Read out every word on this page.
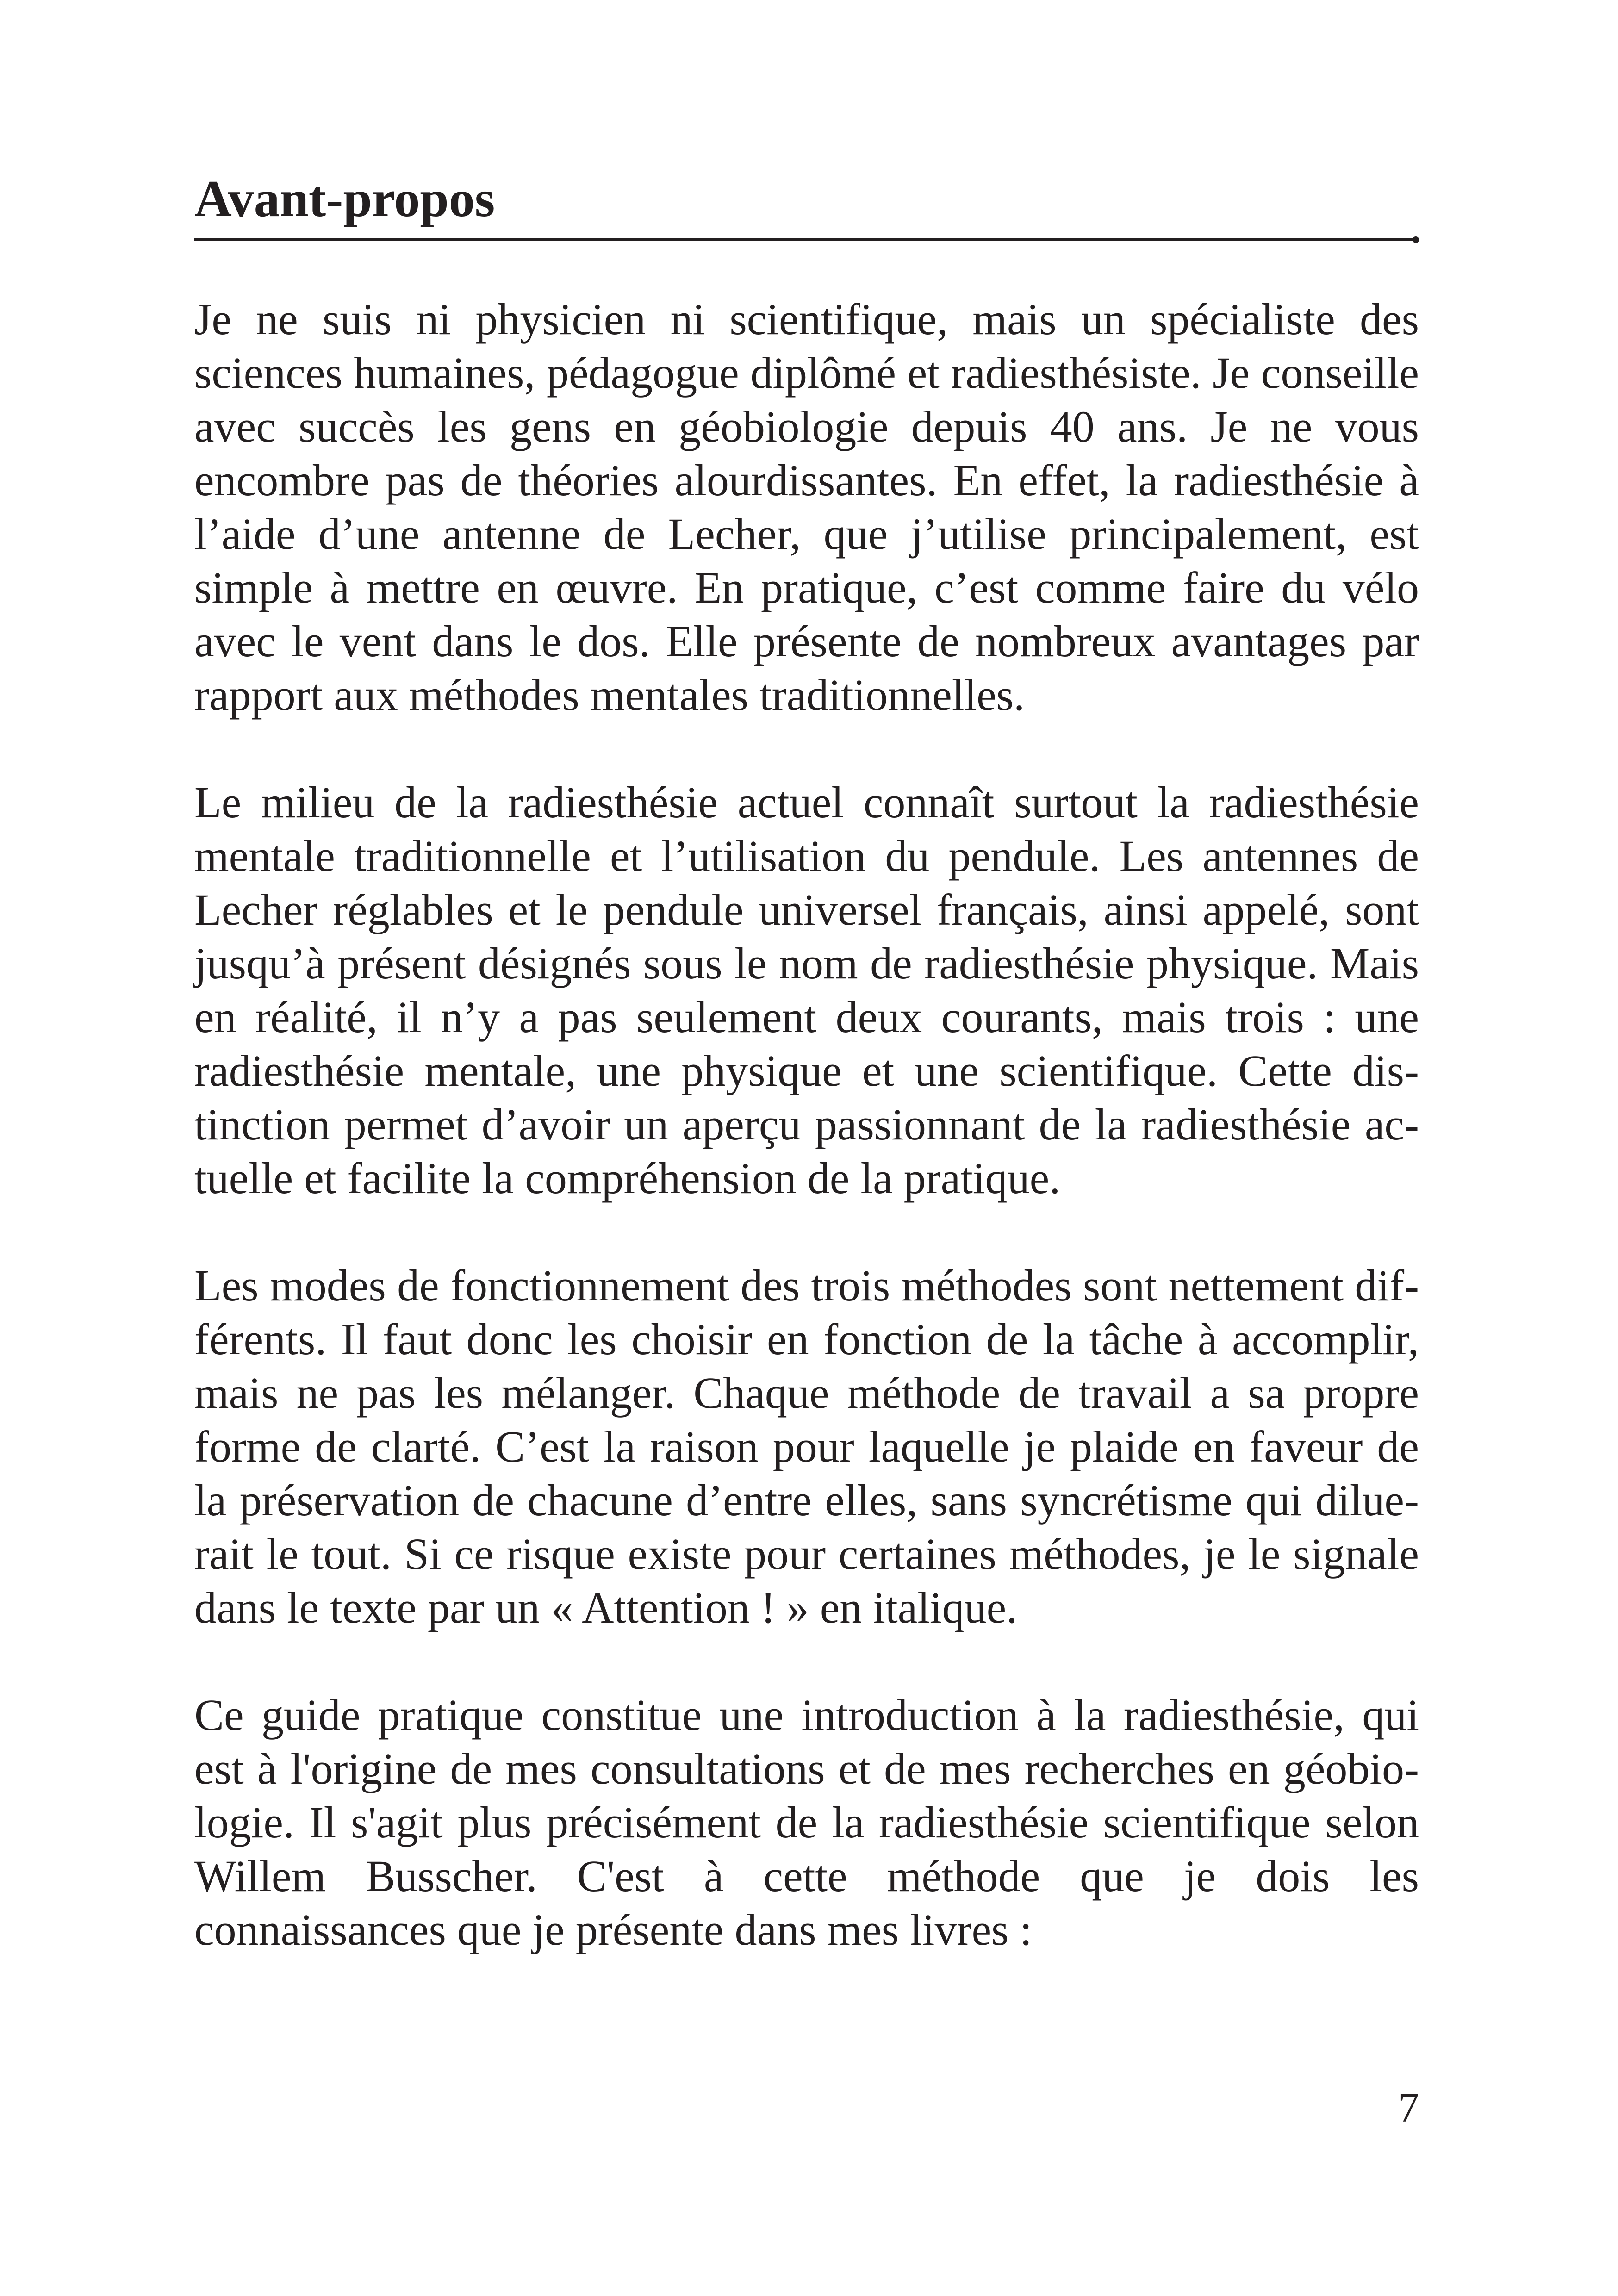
Avant-propos

Je ne suis ni physicien ni scientifique, mais un spécialiste des sciences humaines, pédagogue diplômé et radiesthésiste. Je conseille avec succès les gens en géobiologie depuis 40 ans. Je ne vous encombre pas de théories alourdissantes. En effet, la radiesthésie à l’aide d’une antenne de Lecher, que j’utilise principalement, est simple à mettre en œuvre. En pratique, c’est comme faire du vélo avec le vent dans le dos. Elle présente de nombreux avantages par rapport aux méthodes mentales traditionnelles.

Le milieu de la radiesthésie actuel connaît surtout la radiesthésie mentale traditionnelle et l’utilisation du pendule. Les antennes de Lecher réglables et le pendule universel français, ainsi appelé, sont jusqu’à présent désignés sous le nom de radiesthésie physique. Mais en réalité, il n’y a pas seulement deux courants, mais trois : une radiesthésie mentale, une physique et une scientifique. Cette distinction permet d’avoir un aperçu passionnant de la radiesthésie actuelle et facilite la compréhension de la pratique.

Les modes de fonctionnement des trois méthodes sont nettement différents. Il faut donc les choisir en fonction de la tâche à accomplir, mais ne pas les mélanger. Chaque méthode de travail a sa propre forme de clarté. C’est la raison pour laquelle je plaide en faveur de la préservation de chacune d’entre elles, sans syncrétisme qui diluerait le tout. Si ce risque existe pour certaines méthodes, je le signale dans le texte par un « Attention ! » en italique.

Ce guide pratique constitue une introduction à la radiesthésie, qui est à l'origine de mes consultations et de mes recherches en géobiologie. Il s'agit plus précisément de la radiesthésie scientifique selon Willem Busscher. C'est à cette méthode que je dois les connaissances que je présente dans mes livres :

7
